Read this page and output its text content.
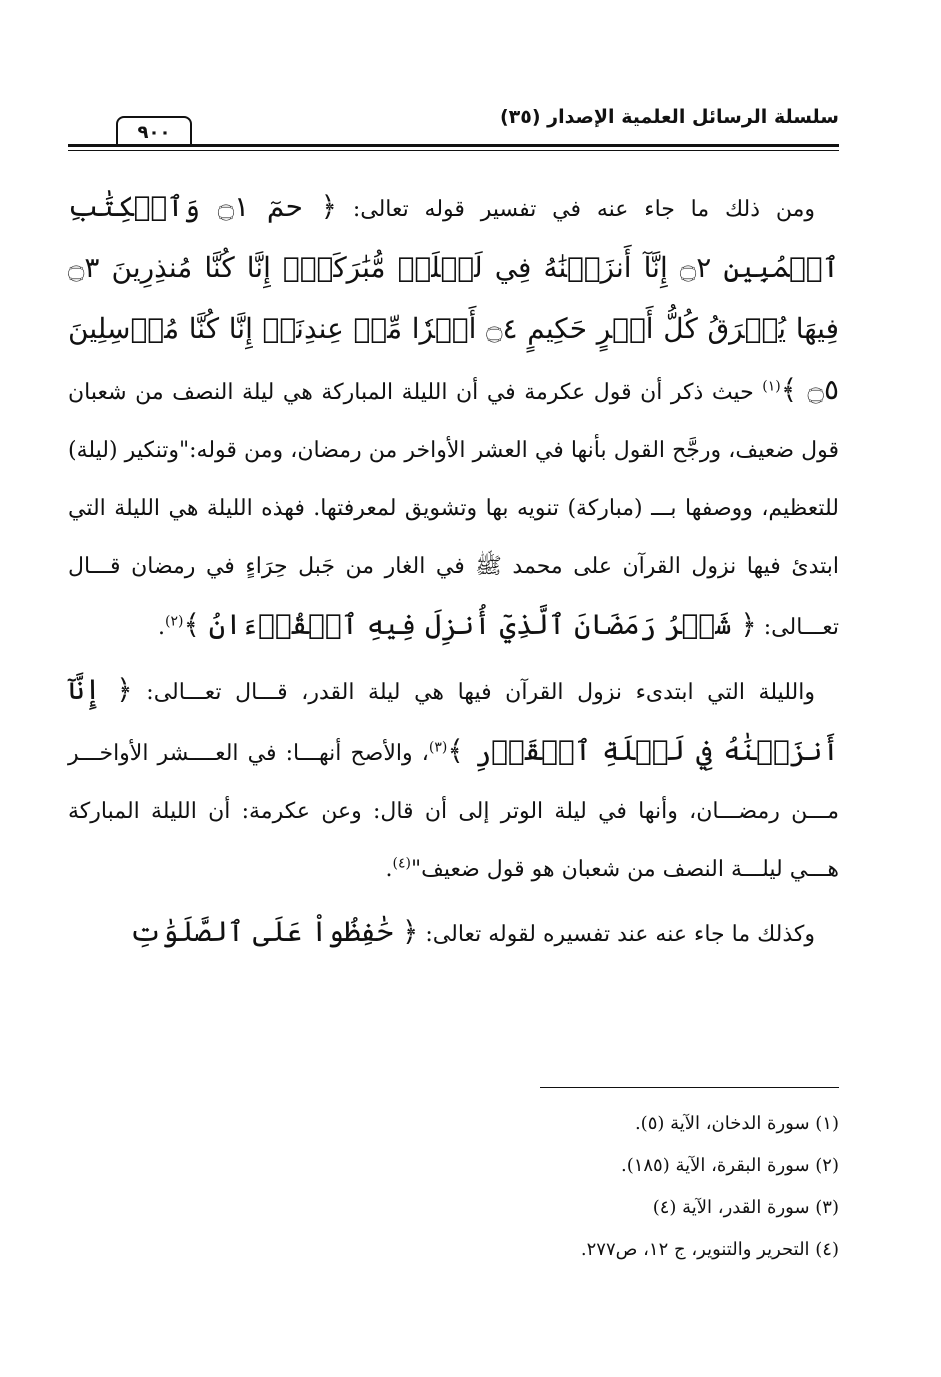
سلسلة الرسائل العلمية الإصدار (٣٥)
٩٠٠

ومن ذلك ما جاء عنه في تفسير قوله تعالى: ﴿ حمٓ ۝١ وَٱلۡكِتَٰبِ ٱلۡمُبِينِ ۝٢ إِنَّآ أَنزَلۡنَٰهُ فِي لَيۡلَةٖ مُّبَٰرَكَةٍۚ إِنَّا كُنَّا مُنذِرِينَ ۝٣ فِيهَا يُفۡرَقُ كُلُّ أَمۡرٍ حَكِيمٍ ۝٤ أَمۡرٗا مِّنۡ عِندِنَآۚ إِنَّا كُنَّا مُرۡسِلِينَ ۝٥ ﴾$^{(١)}$ حيث ذكر أن قول عكرمة في أن الليلة المباركة هي ليلة النصف من شعبان قول ضعيف، ورجَّح القول بأنها في العشر الأواخر من رمضان، ومن قوله:"وتنكير (ليلة) للتعظيم، ووصفها بـــ (مباركة) تنويه بها وتشويق لمعرفتها. فهذه الليلة هي الليلة التي ابتدئ فيها نزول القرآن على محمد ﷺ في الغار من جَبل حِرَاءٍ في رمضان قـــال تعـــالى: ﴿ شَهۡرُ رَمَضَانَ ٱلَّذِيٓ أُنزِلَ فِيهِ ٱلۡقُرۡءَانُ ﴾$^{(٢)}$.

والليلة التي ابتدىء نزول القرآن فيها هي ليلة القدر، قـــال تعـــالى: ﴿ إِنَّآ أَنزَلۡنَٰهُ فِي لَيۡلَةِ ٱلۡقَدۡرِ ﴾$^{(٣)}$، والأصح أنهـــا: في العــــشر الأواخـــر مـــن رمضـــان، وأنها في ليلة الوتر إلى أن قال: وعن عكرمة: أن الليلة المباركة هـــي ليلـــة النصف من شعبان هو قول ضعيف"$^{(٤)}$.

وكذلك ما جاء عنه عند تفسيره لقوله تعالى: ﴿ حَٰفِظُواْ عَلَى ٱلصَّلَوَٰتِ

(١) سورة الدخان، الآية (٥).
(٢) سورة البقرة، الآية (١٨٥).
(٣) سورة القدر، الآية (٤)
(٤) التحرير والتنوير، ج ١٢، ص٢٧٧.
